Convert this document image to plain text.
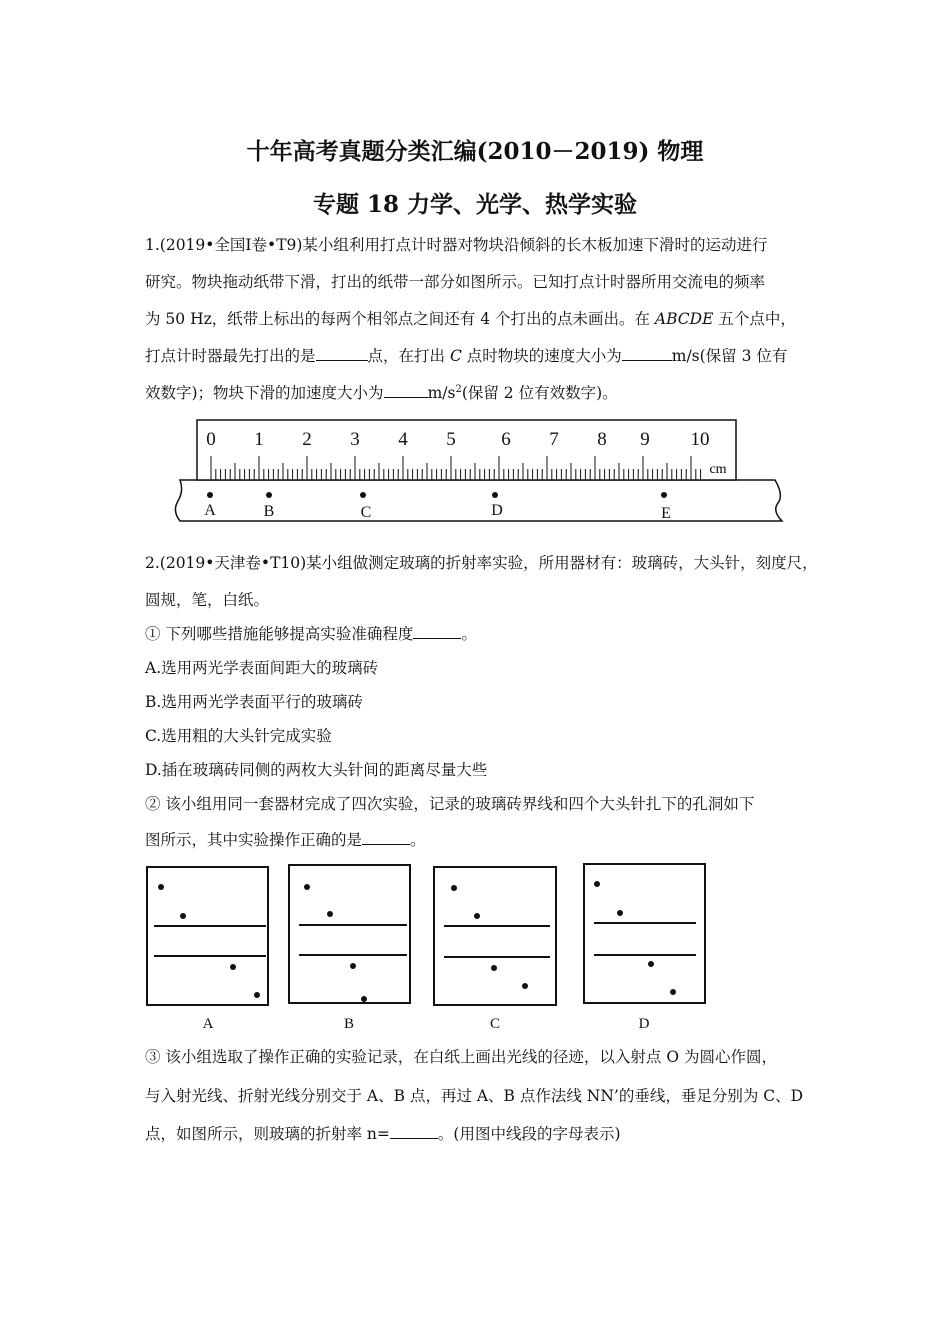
十年高考真题分类汇编(2010－2019) 物理
专题 18 力学、光学、热学实验
1.(2019•全国Ⅰ卷•T9)某小组利用打点计时器对物块沿倾斜的长木板加速下滑时的运动进行
研究。物块拖动纸带下滑，打出的纸带一部分如图所示。已知打点计时器所用交流电的频率
为 50 Hz，纸带上标出的每两个相邻点之间还有 4 个打出的点未画出。在 ABCDE 五个点中，
打点计时器最先打出的是	点，在打出 C 点时物块的速度大小为	m/s(保留 3 位有
效数字)；物块下滑的加速度大小为	$m/s^2$(保留 2 位有效数字)。
0 1 2 3 4 5 6 7 8 9 10
cm
A	B	C	D	E
2.(2019•天津卷•T10)某小组做测定玻璃的折射率实验，所用器材有：玻璃砖，大头针，刻度尺，
圆规，笔，白纸。
① 下列哪些措施能够提高实验准确程度	。
A.选用两光学表面间距大的玻璃砖
B.选用两光学表面平行的玻璃砖
C.选用粗的大头针完成实验
D.插在玻璃砖同侧的两枚大头针间的距离尽量大些
② 该小组用同一套器材完成了四次实验，记录的玻璃砖界线和四个大头针扎下的孔洞如下
图所示，其中实验操作正确的是	。
A	B	C	D
③ 该小组选取了操作正确的实验记录，在白纸上画出光线的径迹，以入射点 O 为圆心作圆，
与入射光线、折射光线分别交于 A、B 点，再过 A、B 点作法线 NN’的垂线，垂足分别为 C、D
点，如图所示，则玻璃的折射率 n=	。(用图中线段的字母表示)
